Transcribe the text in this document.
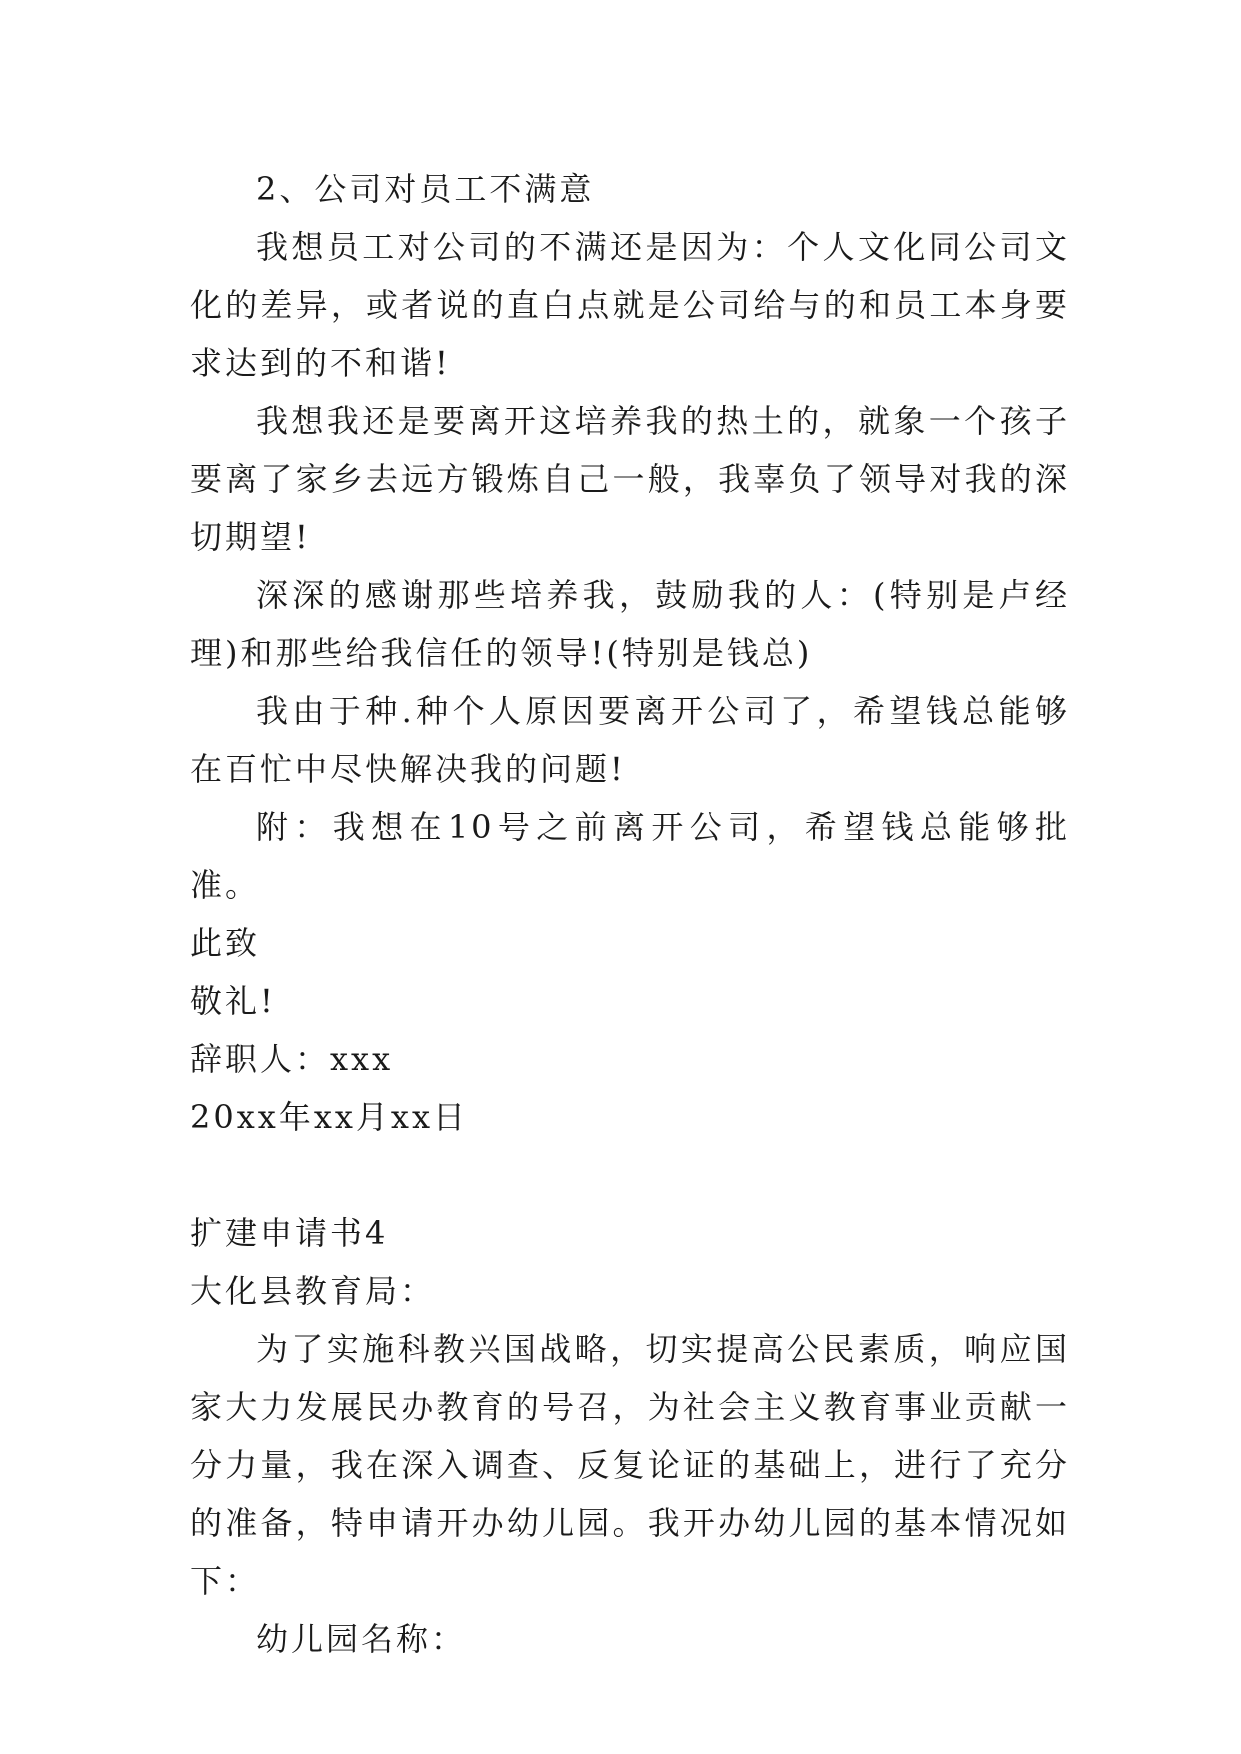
2、公司对员工不满意

我想员工对公司的不满还是因为：个人文化同公司文化的差异，或者说的直白点就是公司给与的和员工本身要求达到的不和谐!

我想我还是要离开这培养我的热土的，就象一个孩子要离了家乡去远方锻炼自己一般，我辜负了领导对我的深切期望!

深深的感谢那些培养我，鼓励我的人：(特别是卢经理)和那些给我信任的领导!(特别是钱总)

我由于种.种个人原因要离开公司了，希望钱总能够在百忙中尽快解决我的问题!

附：我想在10号之前离开公司，希望钱总能够批准。

此致

敬礼!

辞职人：xxx

20xx年xx月xx日

扩建申请书4

大化县教育局：

为了实施科教兴国战略，切实提高公民素质，响应国家大力发展民办教育的号召，为社会主义教育事业贡献一分力量，我在深入调查、反复论证的基础上，进行了充分的准备，特申请开办幼儿园。我开办幼儿园的基本情况如下：

幼儿园名称：
